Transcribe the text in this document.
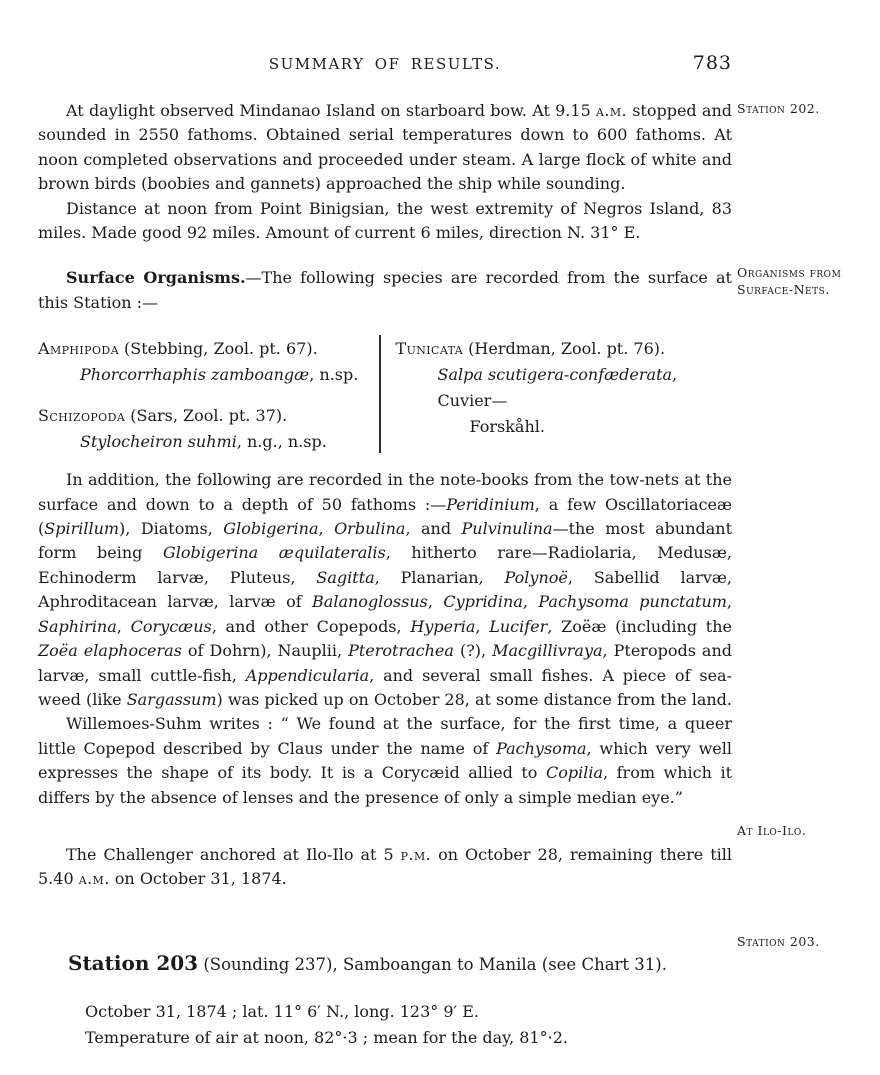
SUMMARY OF RESULTS.	783

At daylight observed Mindanao Island on starboard bow. At 9.15 a.m. stopped and sounded in 2550 fathoms. Obtained serial temperatures down to 600 fathoms. At noon completed observations and proceeded under steam. A large flock of white and brown birds (boobies and gannets) approached the ship while sounding.

Distance at noon from Point Binigsian, the west extremity of Negros Island, 83 miles. Made good 92 miles. Amount of current 6 miles, direction N. 31° E.

Surface Organisms.—The following species are recorded from the surface at this Station :—

Amphipoda (Stebbing, Zool. pt. 67).
Phorcorrhaphis zamboangæ, n.sp.
Schizopoda (Sars, Zool. pt. 37).
Stylocheiron suhmi, n.g., n.sp.
Tunicata (Herdman, Zool. pt. 76).
Salpa scutigera-confæderata, Cuvier—
Forskåhl.

In addition, the following are recorded in the note-books from the tow-nets at the surface and down to a depth of 50 fathoms :—Peridinium, a few Oscillatoriaceæ (Spirillum), Diatoms, Globigerina, Orbulina, and Pulvinulina—the most abundant form being Globigerina æquilateralis, hitherto rare—Radiolaria, Medusæ, Echinoderm larvæ, Pluteus, Sagitta, Planarian, Polynoë, Sabellid larvæ, Aphroditacean larvæ, larvæ of Balanoglossus, Cypridina, Pachysoma punctatum, Saphirina, Corycæus, and other Copepods, Hyperia, Lucifer, Zoëæ (including the Zoëa elaphoceras of Dohrn), Nauplii, Pterotrachea (?), Macgillivraya, Pteropods and larvæ, small cuttle-fish, Appendicularia, and several small fishes. A piece of sea-weed (like Sargassum) was picked up on October 28, at some distance from the land.

Willemoes-Suhm writes : “ We found at the surface, for the first time, a queer little Copepod described by Claus under the name of Pachysoma, which very well expresses the shape of its body. It is a Corycæid allied to Copilia, from which it differs by the absence of lenses and the presence of only a simple median eye.”

The Challenger anchored at Ilo-Ilo at 5 p.m. on October 28, remaining there till 5.40 a.m. on October 31, 1874.

Station 203 (Sounding 237), Samboangan to Manila (see Chart 31).

October 31, 1874 ; lat. 11° 6′ N., long. 123° 9′ E.
Temperature of air at noon, 82°·3 ; mean for the day, 81°·2.
Station 202.
Organisms from Surface-Nets.
At Ilo-Ilo.
Station 203.
